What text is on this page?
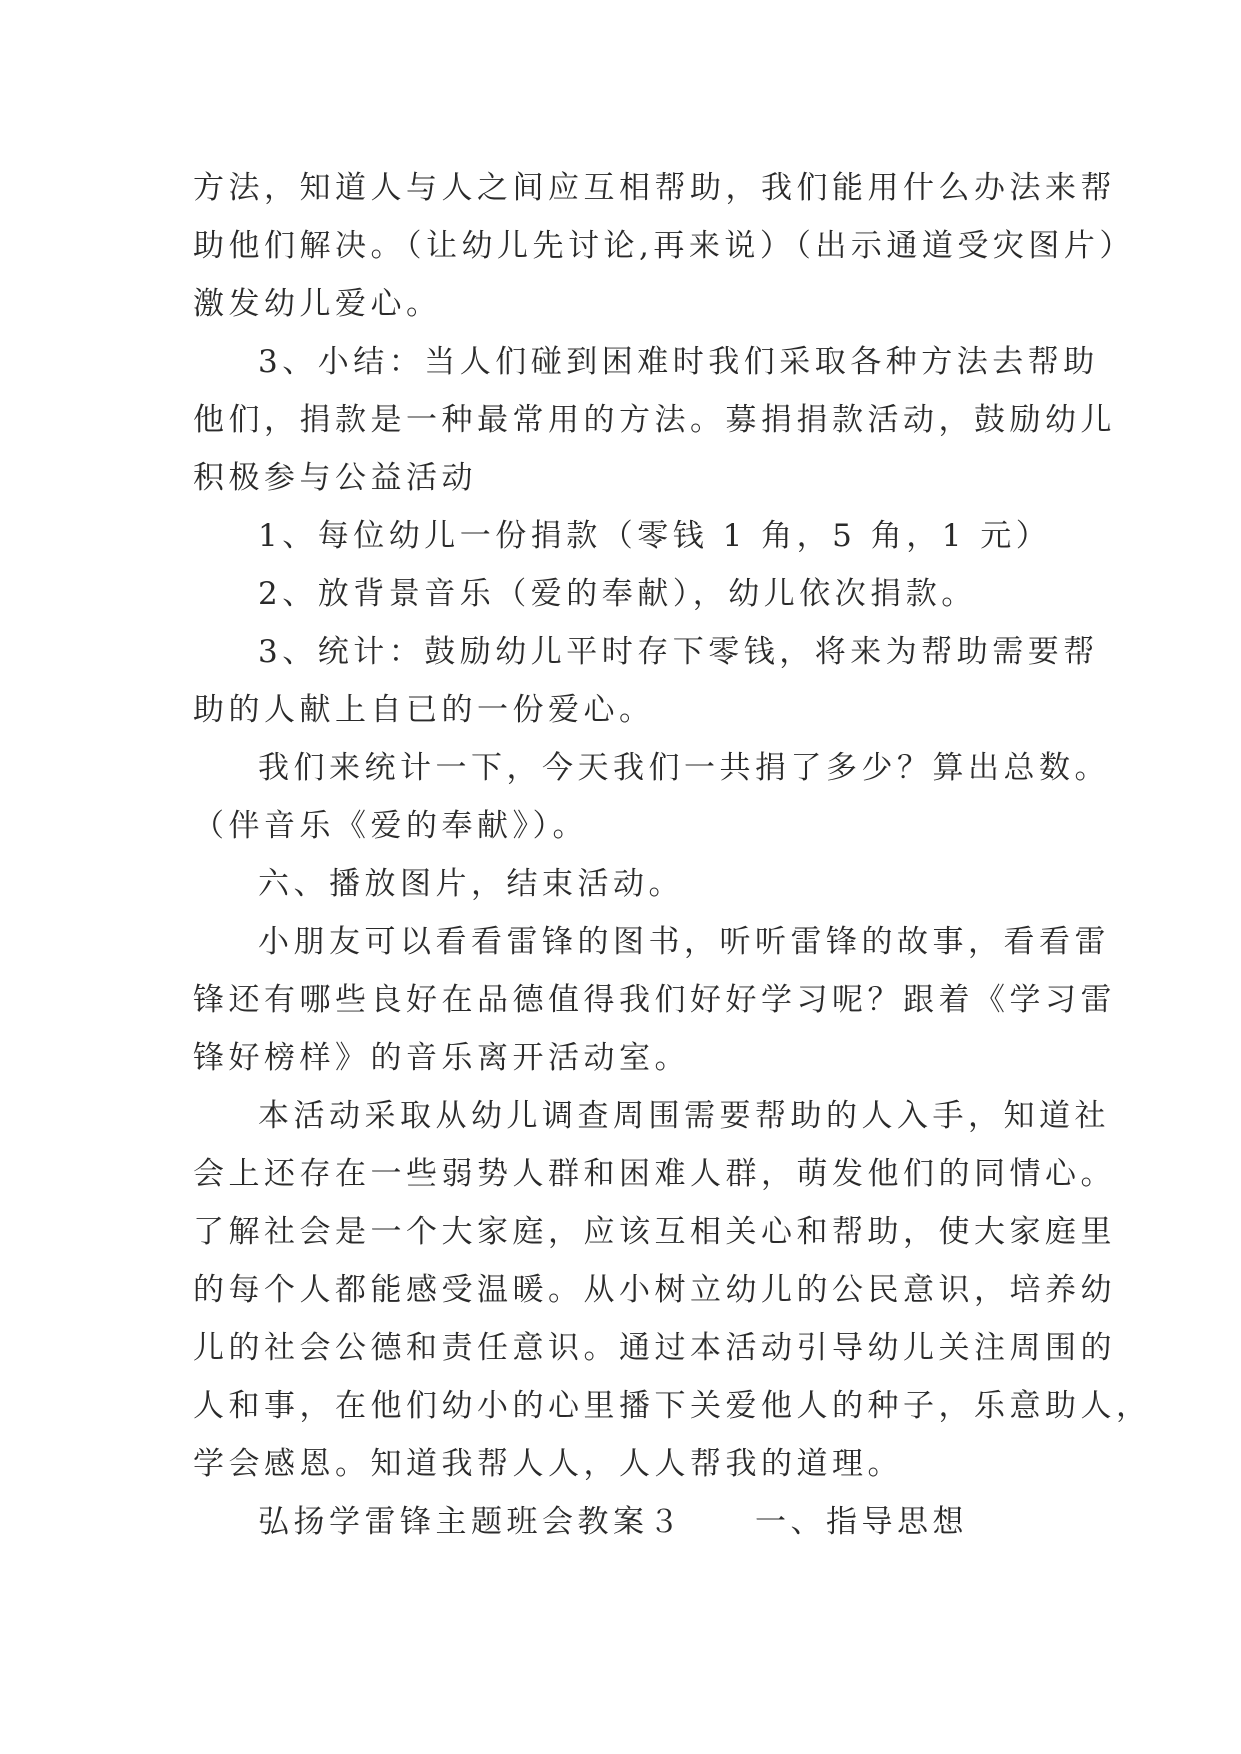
方法，知道人与人之间应互相帮助，我们能用什么办法来帮
助他们解决。（让幼儿先讨论,再来说）（出示通道受灾图片）
激发幼儿爱心。
3、小结：当人们碰到困难时我们采取各种方法去帮助
他们，捐款是一种最常用的方法。募捐捐款活动，鼓励幼儿
积极参与公益活动
1、每位幼儿一份捐款（零钱 1 角，5 角，1 元）
2、放背景音乐（爱的奉献），幼儿依次捐款。
3、统计：鼓励幼儿平时存下零钱，将来为帮助需要帮
助的人献上自已的一份爱心。
我们来统计一下，今天我们一共捐了多少？算出总数。
（伴音乐《爱的奉献》）。
六、播放图片，结束活动。
小朋友可以看看雷锋的图书，听听雷锋的故事，看看雷
锋还有哪些良好在品德值得我们好好学习呢？跟着《学习雷
锋好榜样》的音乐离开活动室。
本活动采取从幼儿调查周围需要帮助的人入手，知道社
会上还存在一些弱势人群和困难人群，萌发他们的同情心。
了解社会是一个大家庭，应该互相关心和帮助，使大家庭里
的每个人都能感受温暖。从小树立幼儿的公民意识，培养幼
儿的社会公德和责任意识。通过本活动引导幼儿关注周围的
人和事，在他们幼小的心里播下关爱他人的种子，乐意助人，
学会感恩。知道我帮人人，人人帮我的道理。
弘扬学雷锋主题班会教案３　　一、指导思想
